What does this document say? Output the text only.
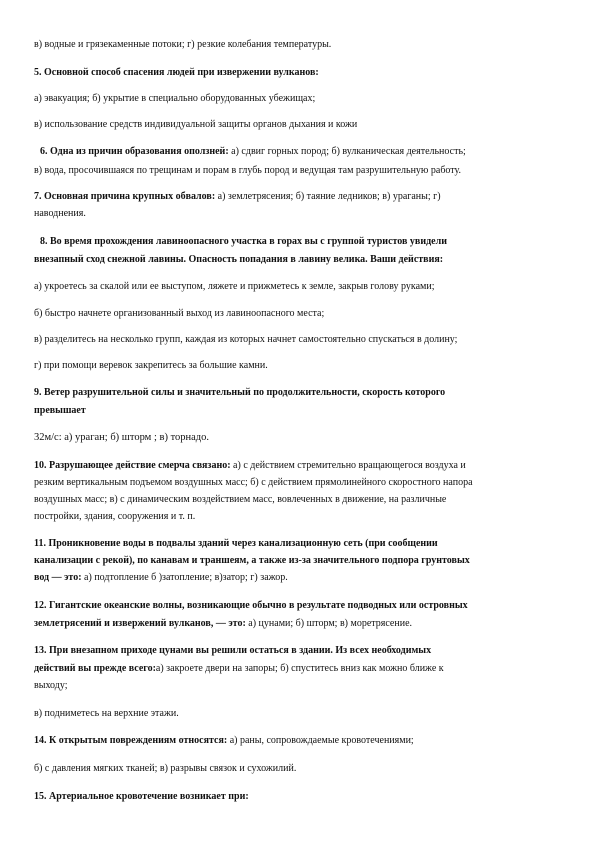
в) водные и грязекаменные потоки; г) резкие колебания температуры.
5. Основной способ спасения людей при извержении вулканов:
а) эвакуация; б) укрытие в специально оборудованных убежищах;
в) использование средств индивидуальной защиты органов дыхания и кожи
6. Одна из причин образования оползней: а) сдвиг горных пород; б) вулканическая деятельность;
в) вода, просочившаяся по трещинам и порам в глубь пород и ведущая там разрушительную работу.
7. Основная причина крупных обвалов: а) землетрясения; б) таяние ледников; в) ураганы; г)
наводнения.
8. Во время прохождения лавиноопасного участка в горах вы с группой туристов увидели
внезапный сход снежной лавины. Опасность попадания в лавину велика. Ваши действия:
а) укроетесь за скалой или ее выступом, ляжете и прижметесь к земле, закрыв голову руками;
б) быстро начнете организованный выход из лавиноопасного места;
в) разделитесь на несколько групп, каждая из которых начнет самостоятельно спускаться в долину;
г) при помощи веревок закрепитесь за большие камни.
9. Ветер разрушительной силы и значительный по продолжительности, скорость которого
превышает
32м/с: а) ураган; б) шторм ; в) торнадо.
10. Разрушающее действие смерча связано: а) с действием стремительно вращающегося воздуха и
резким вертикальным подъемом воздушных масс; б) с действием прямолинейного скоростного напора
воздушных масс; в) с динамическим воздействием масс, вовлеченных в движение, на различные
постройки, здания, сооружения и т. п.
11. Проникновение воды в подвалы зданий через канализационную сеть (при сообщении
канализации с рекой), по канавам и траншеям, а также из-за значительного подпора грунтовых
вод — это: а) подтопление б )затопление; в)затор; г) зажор.
12. Гигантские океанские волны, возникающие обычно в результате подводных или островных
землетрясений и извержений вулканов, — это: а) цунами; б) шторм; в) моретрясение.
13. При внезапном приходе цунами вы решили остаться в здании. Из всех необходимых
действий вы прежде всего:а) закроете двери на запоры; б) спуститесь вниз как можно ближе к
выходу;
в) подниметесь на верхние этажи.
14. К открытым повреждениям относятся: а) раны, сопровождаемые кровотечениями;
б) с давления мягких тканей; в) разрывы связок и сухожилий.
15. Артериальное кровотечение возникает при:
